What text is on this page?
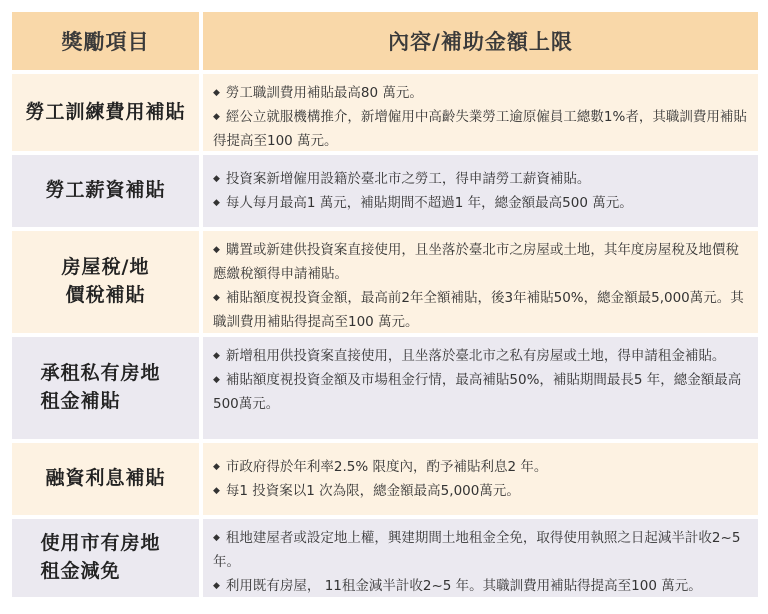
獎勵項目	內容/補助金額上限
勞工訓練費用補貼
◆ 勞工職訓費用補貼最高80 萬元。
◆ 經公立就服機構推介，新增僱用中高齡失業勞工逾原僱員工總數1%者，其職訓費用補貼得提高至100 萬元。
勞工薪資補貼
◆ 投資案新增僱用設籍於臺北市之勞工，得申請勞工薪資補貼。
◆ 每人每月最高1 萬元，補貼期間不超過1 年，總金額最高500 萬元。
房屋稅/地價稅補貼
◆ 購置或新建供投資案直接使用，且坐落於臺北市之房屋或土地，其年度房屋稅及地價稅應繳稅額得申請補貼。
◆ 補貼額度視投資金額，最高前2年全額補貼，後3年補貼50%，總金額最5,000萬元。其職訓費用補貼得提高至100 萬元。
承租私有房地租金補貼
◆ 新增租用供投資案直接使用，且坐落於臺北市之私有房屋或土地，得申請租金補貼。
◆ 補貼額度視投資金額及市場租金行情，最高補貼50%，補貼期間最長5 年，總金額最高500萬元。
融資利息補貼
◆ 市政府得於年利率2.5% 限度內，酌予補貼利息2 年。
◆ 每1 投資案以1 次為限，總金額最高5,000萬元。
使用市有房地租金減免
◆ 租地建屋者或設定地上權，興建期間土地租金全免，取得使用執照之日起減半計收2~5 年。
◆ 利用既有房屋， 11租金減半計收2~5 年。其職訓費用補貼得提高至100 萬元。
